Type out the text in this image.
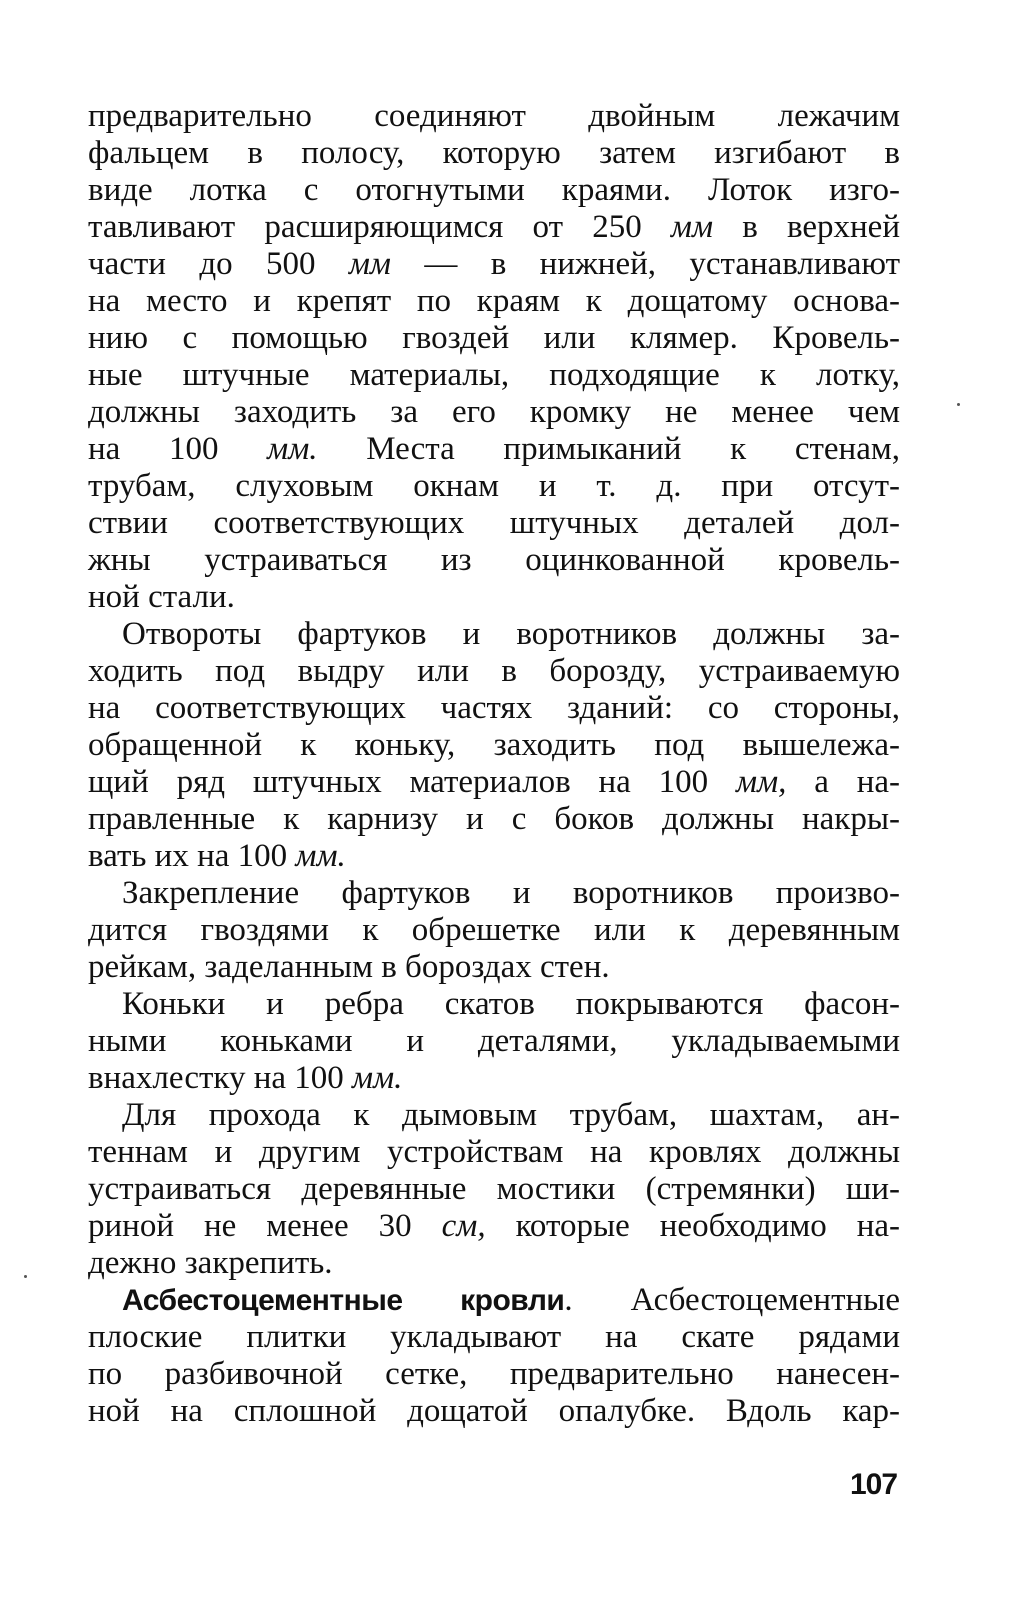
предварительно соединяют двойным лежачим
фальцем в полосу, которую затем изгибают в
виде лотка с отогнутыми краями. Лоток изго-
тавливают расширяющимся от 250 мм в верхней
части до 500 мм — в нижней, устанавливают
на место и крепят по краям к дощатому основа-
нию с помощью гвоздей или клямер. Кровель-
ные штучные материалы, подходящие к лотку,
должны заходить за его кромку не менее чем
на 100 мм. Места примыканий к стенам,
трубам, слуховым окнам и т. д. при отсут-
ствии соответствующих штучных деталей дол-
жны устраиваться из оцинкованной кровель-
ной стали.
Отвороты фартуков и воротников должны за-
ходить под выдру или в борозду, устраиваемую
на соответствующих частях зданий: со стороны,
обращенной к коньку, заходить под вышележа-
щий ряд штучных материалов на 100 мм, а на-
правленные к карнизу и с боков должны накры-
вать их на 100 мм.
Закрепление фартуков и воротников произво-
дится гвоздями к обрешетке или к деревянным
рейкам, заделанным в бороздах стен.
Коньки и ребра скатов покрываются фасон-
ными коньками и деталями, укладываемыми
внахлестку на 100 мм.
Для прохода к дымовым трубам, шахтам, ан-
теннам и другим устройствам на кровлях должны
устраиваться деревянные мостики (стремянки) ши-
риной не менее 30 см, которые необходимо на-
дежно закрепить.
Асбестоцементные кровли. Асбестоцементные
плоские плитки укладывают на скате рядами
по разбивочной сетке, предварительно нанесен-
ной на сплошной дощатой опалубке. Вдоль кар-
107
